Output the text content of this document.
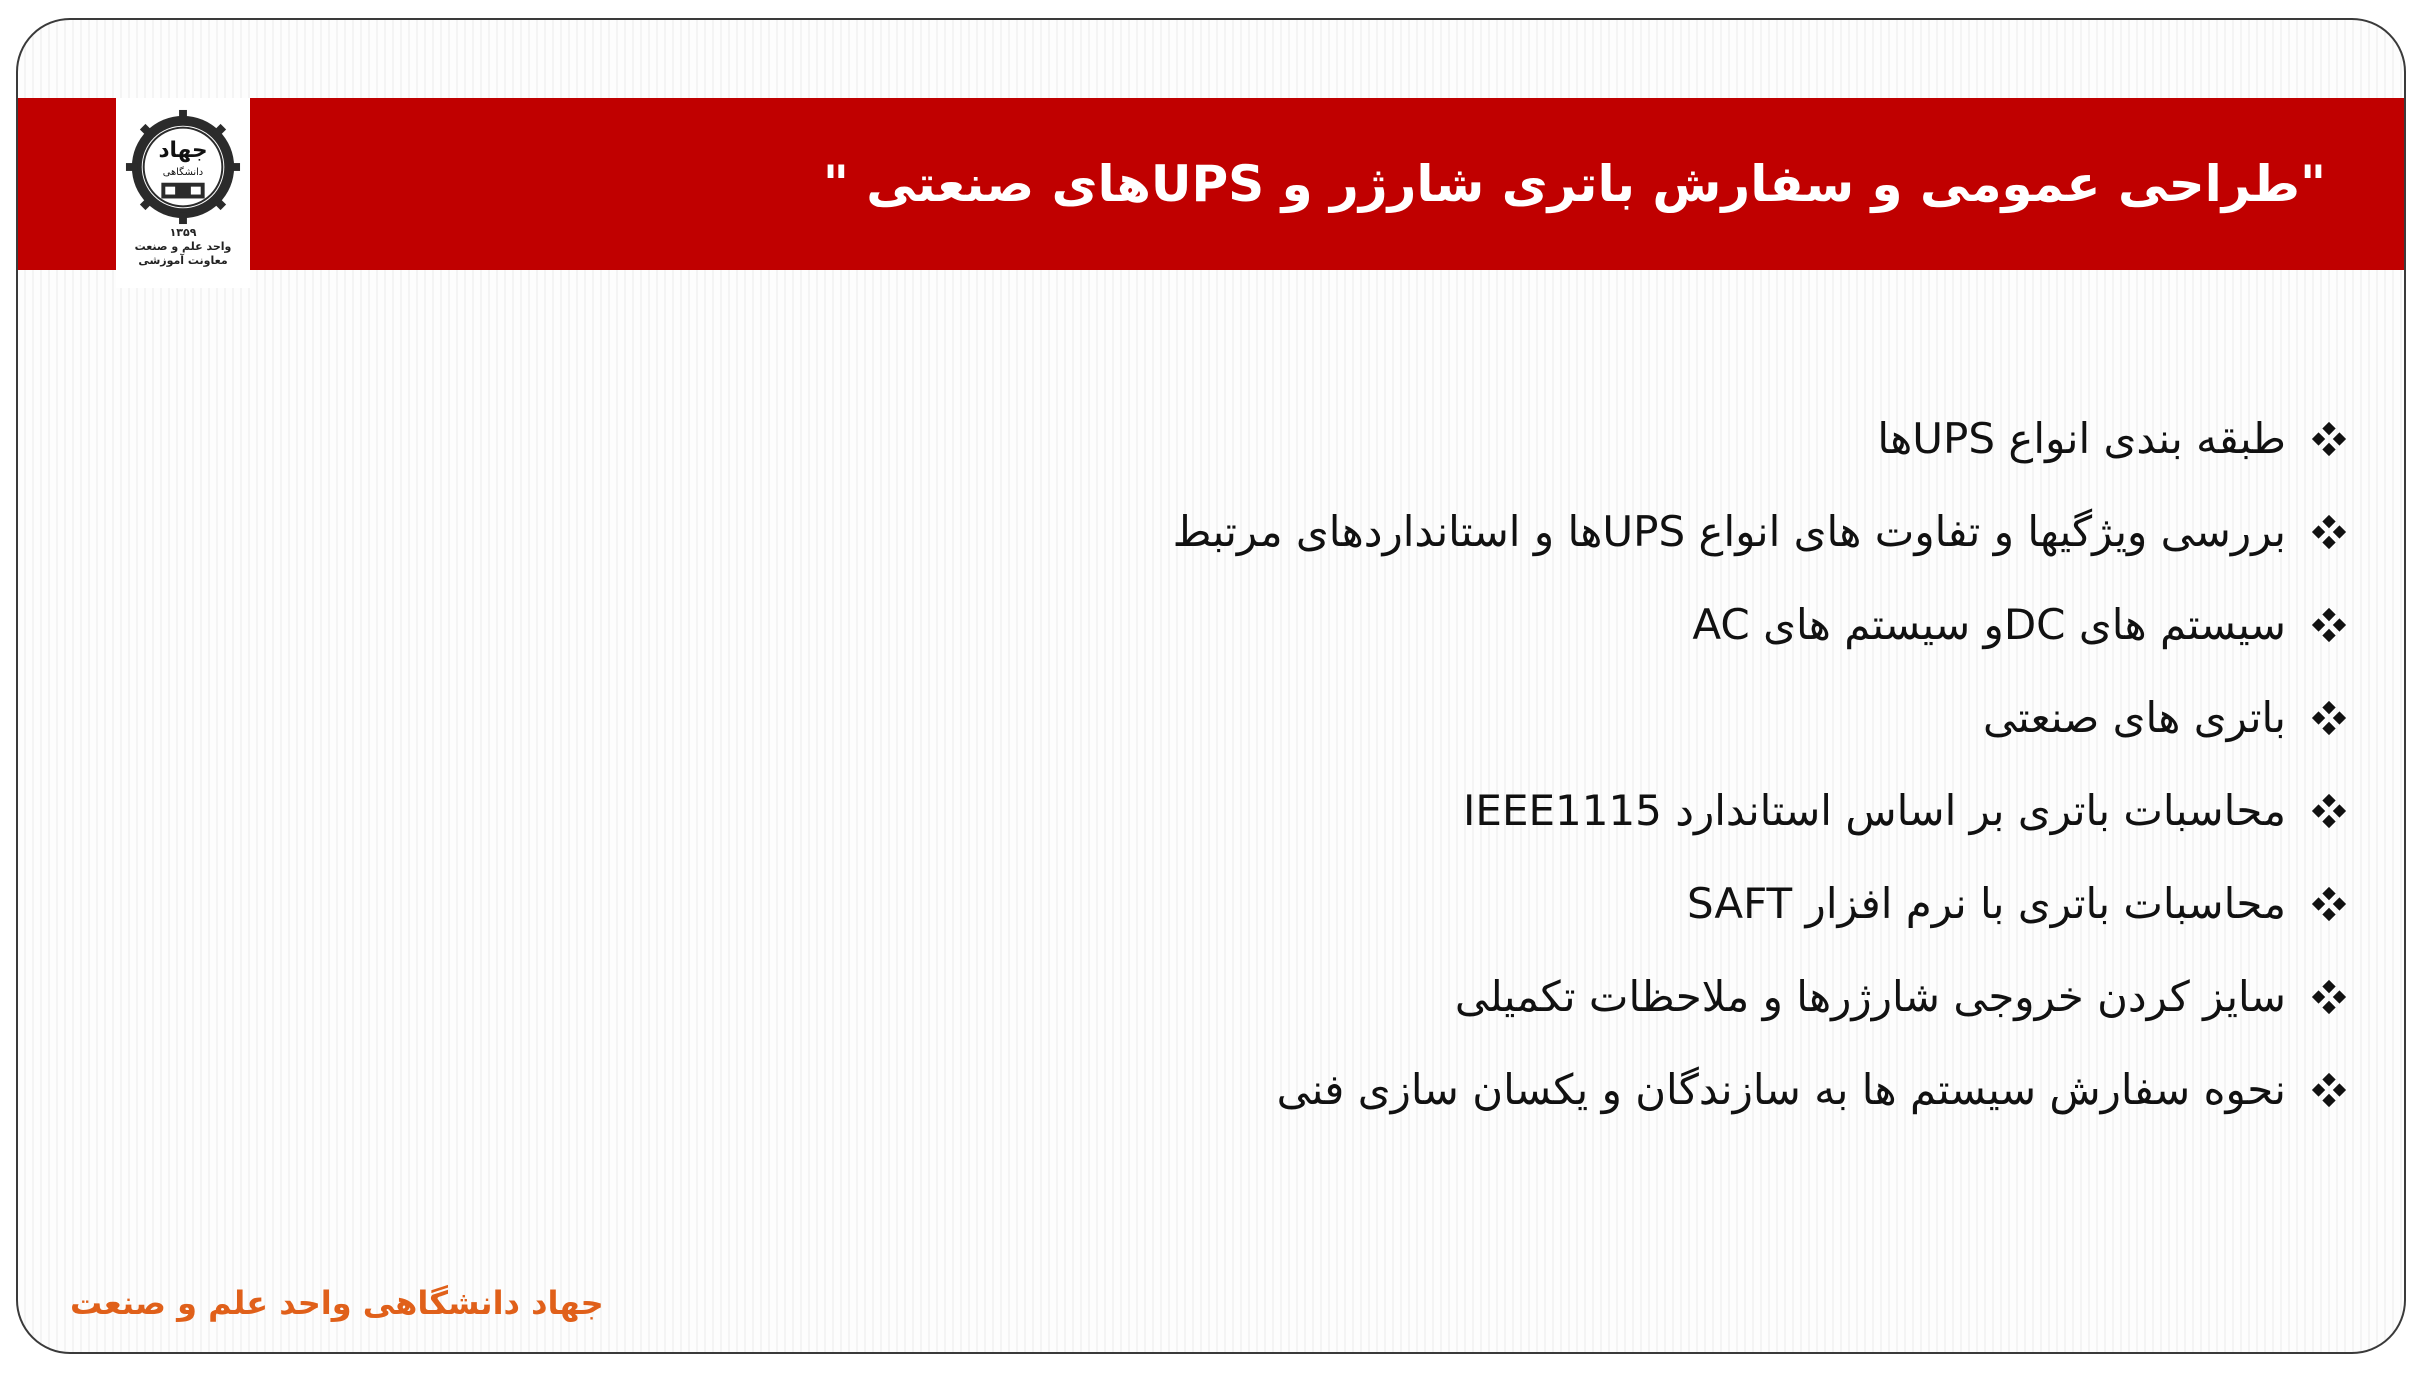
جهاد
دانشگاهی
۱۳۵۹
واحد علم و صنعت
معاونت آموزشی
"طراحی عمومی و سفارش باتری شارژر و UPSهای صنعتی "
طبقه بندی انواع UPSها
بررسی ویژگیها و تفاوت های انواع UPSها و استانداردهای مرتبط
سیستم های DCو سیستم های AC
باتری های صنعتی
محاسبات باتری بر اساس استاندارد IEEE1115
محاسبات باتری با نرم افزار SAFT
سایز کردن خروجی شارژرها و ملاحظات تکمیلی
نحوه سفارش سیستم ها به سازندگان و یکسان سازی فنی
جهاد دانشگاهی واحد علم و صنعت
